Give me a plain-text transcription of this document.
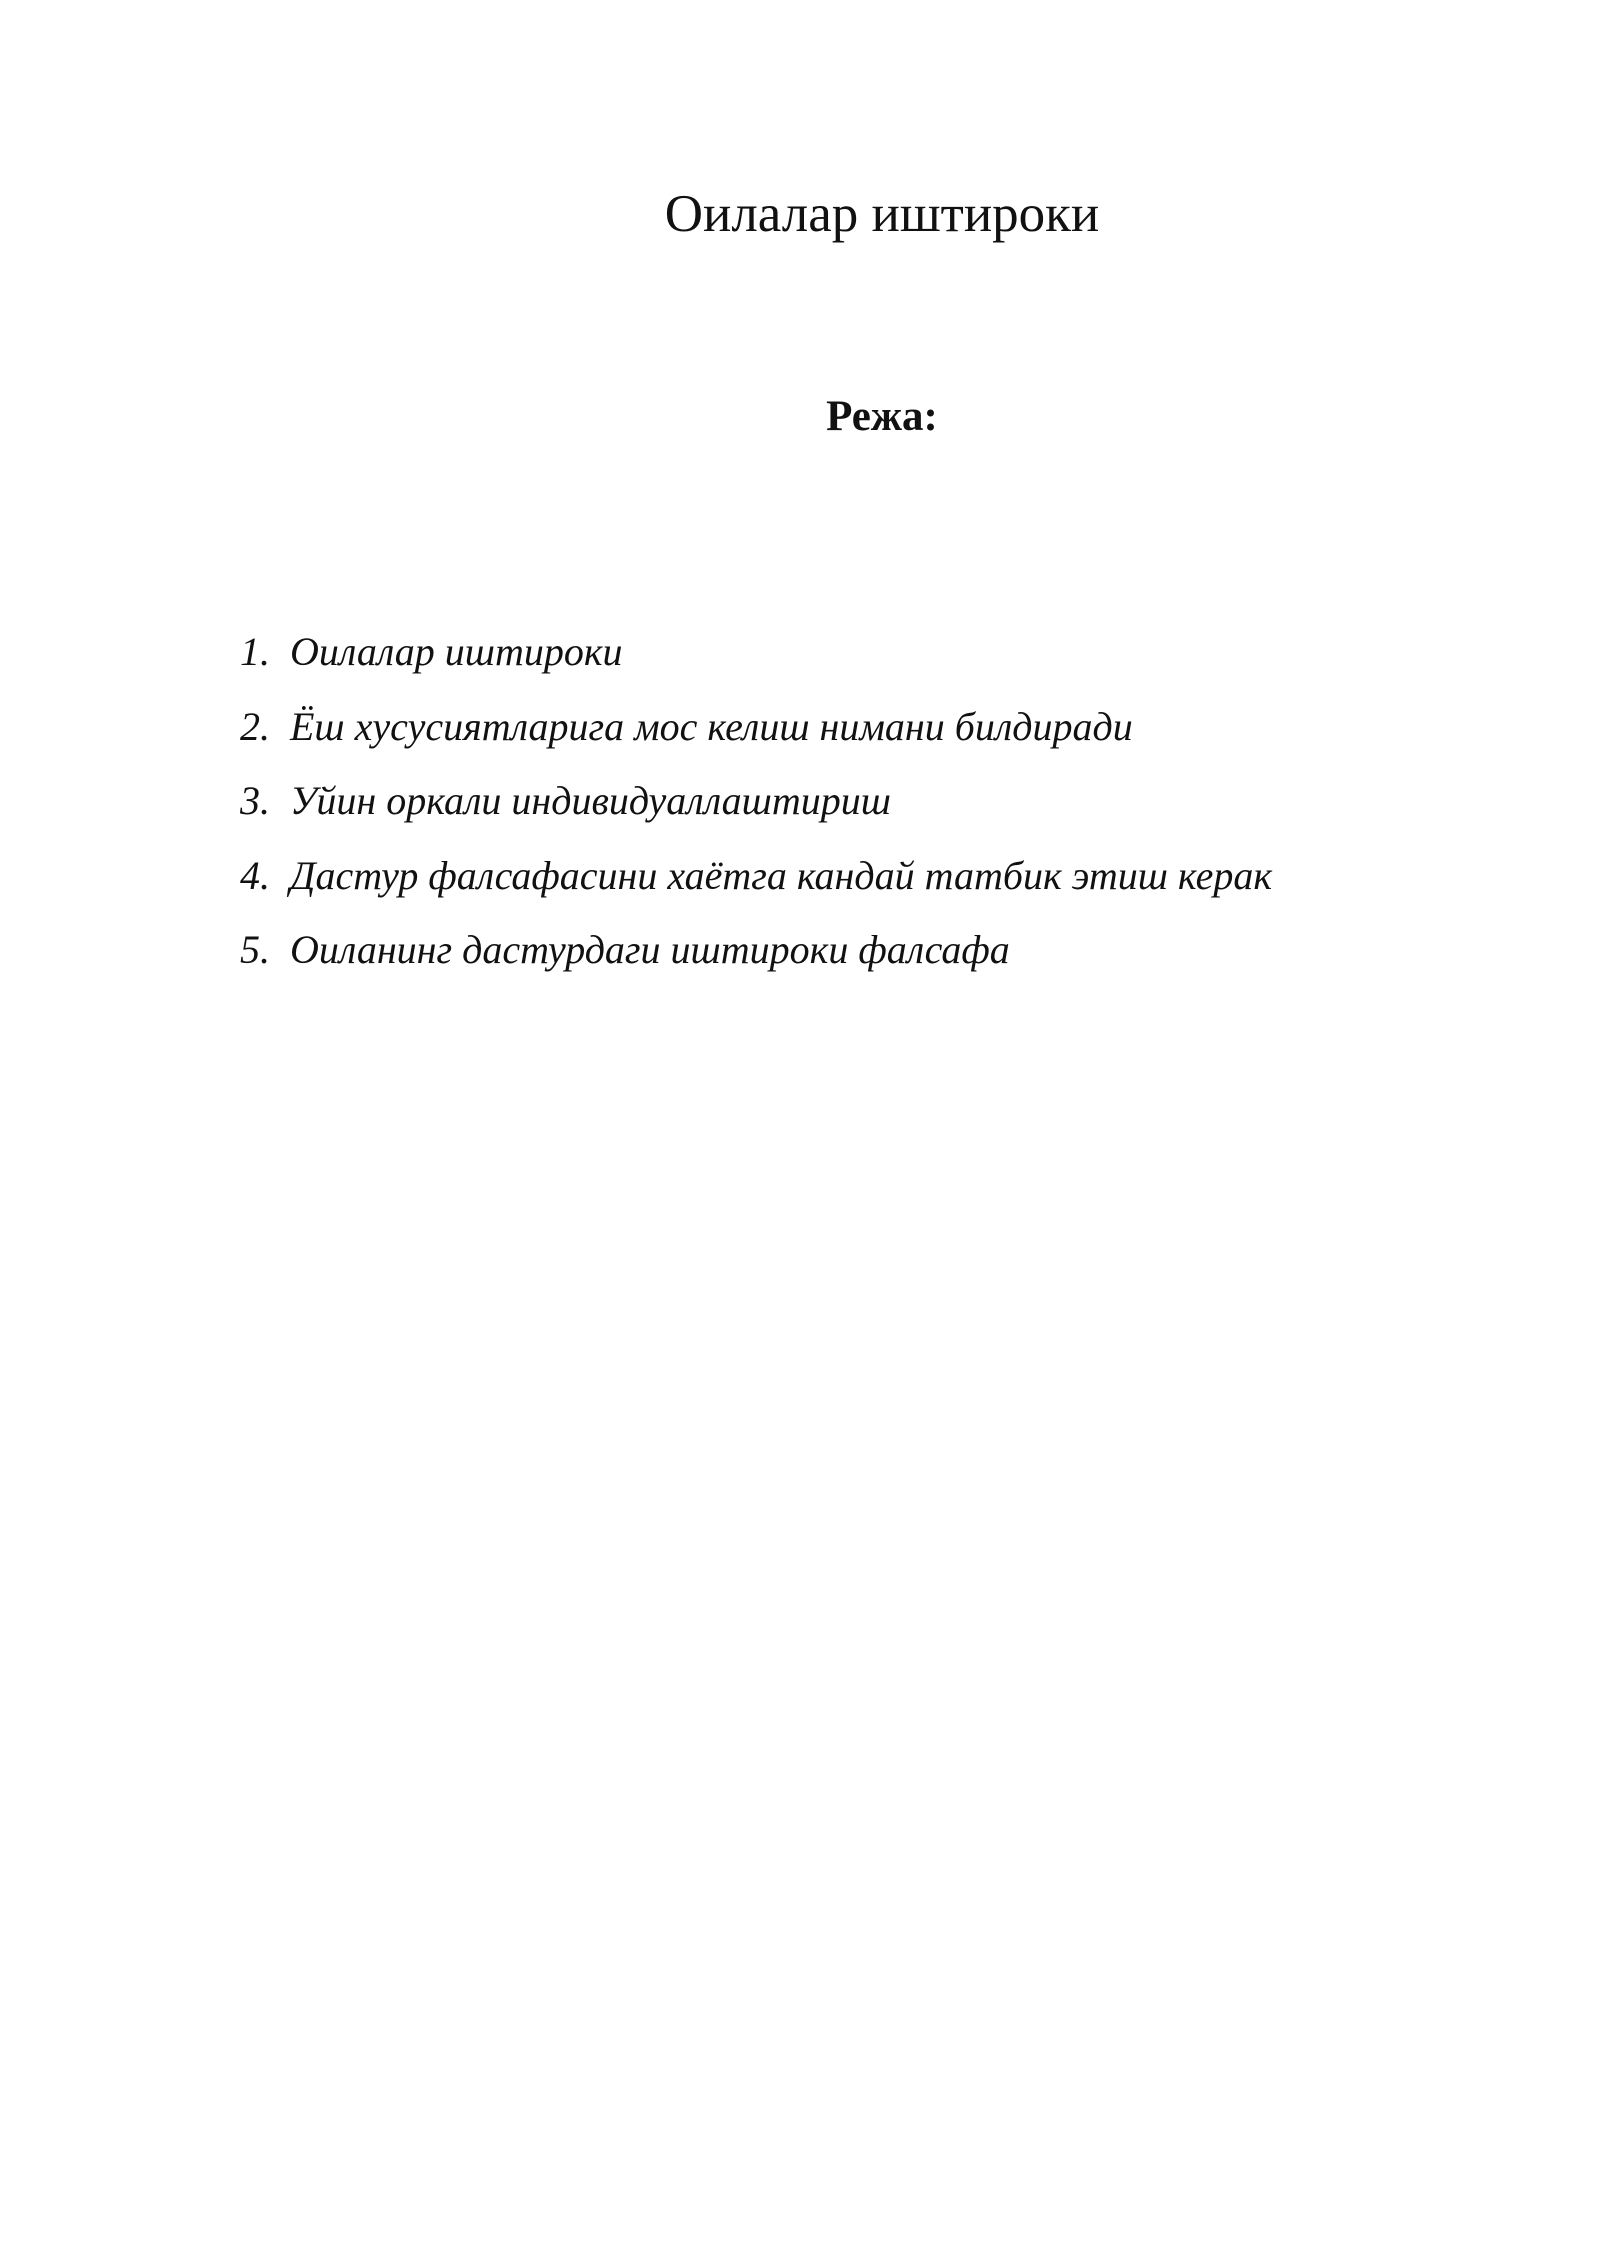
Оилалар иштироки
Режа:
1. Оилалар иштироки
2. Ёш хусусиятларига мос келиш нимани билдиради
3. Уйин оркали индивидуаллаштириш
4. Дастур фалсафасини хаётга кандай татбик этиш керак
5. Оиланинг дастурдаги иштироки фалсафа
